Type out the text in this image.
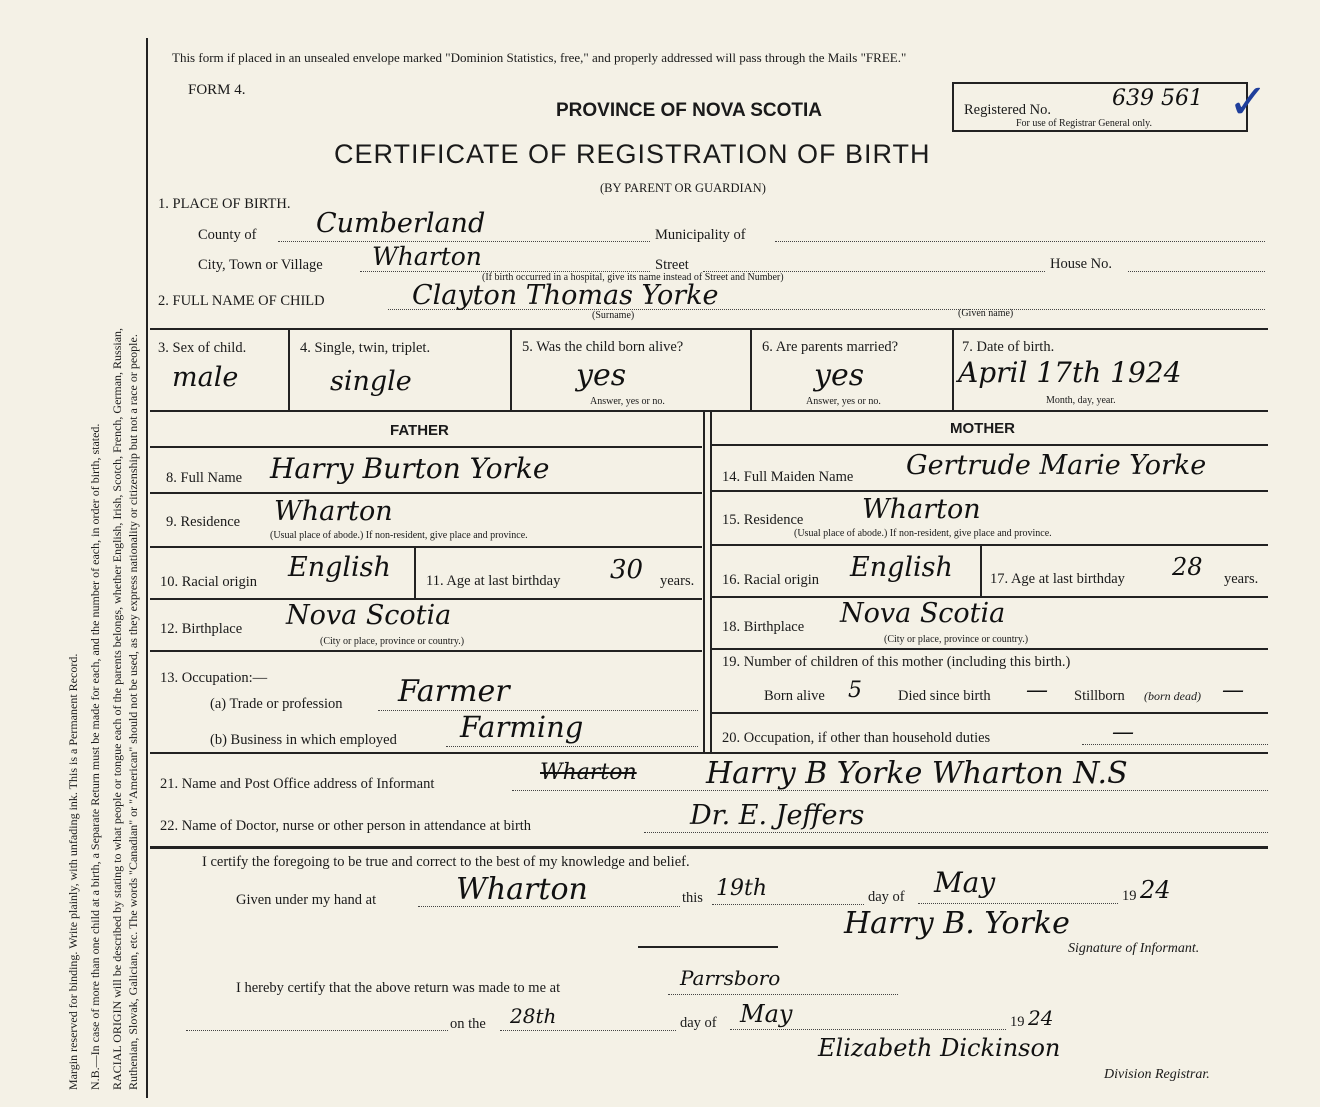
Margin reserved for binding. Write plainly, with unfading ink. This is a Permanent Record. N.B.—In case of more than one child at a birth, a Separate Return must be made for each, and the number of each, in order of birth, stated. RACIAL ORIGIN will be described by stating to what people or tongue each of the parents belongs, whether English, Irish, Scotch, French, German, Russian, Ruthenian, Slovak, Galician, etc. The words "Canadian" or "American" should not be used, as they express nationality or citizenship but not a race or people.
This form if placed in an unsealed envelope marked "Dominion Statistics, free," and properly addressed will pass through the Mails "FREE."
FORM 4.
PROVINCE OF NOVA SCOTIA
CERTIFICATE OF REGISTRATION OF BIRTH
(BY PARENT OR GUARDIAN)
Registered No.	639 561
For use of Registrar General only. ✓
1. PLACE OF BIRTH.
County of Cumberland	Municipality of
City, Town or Village Wharton	Street	House No.
(If birth occurred in a hospital, give its name instead of Street and Number)
2. FULL NAME OF CHILD	Clayton Thomas Yorke
(Surname)	(Given name)
3. Sex of child.
male
4. Single, twin, triplet.
single
5. Was the child born alive?
yes
Answer, yes or no.
6. Are parents married?
yes
Answer, yes or no.
7. Date of birth.
April 17th 1924
Month, day, year.
FATHER	MOTHER
8. Full Name Harry Burton Yorke
9. Residence Wharton
(Usual place of abode.) If non-resident, give place and province.
10. Racial origin English 11. Age at last birthday 30 years.
12. Birthplace Nova Scotia
(City or place, province or country.)
13. Occupation:—
(a) Trade or profession Farmer
(b) Business in which employed Farming
14. Full Maiden Name Gertrude Marie Yorke
15. Residence Wharton
(Usual place of abode.) If non-resident, give place and province.
16. Racial origin English	17. Age at last birthday 28 years.
18. Birthplace Nova Scotia
(City or place, province or country.)
19. Number of children of this mother (including this birth.)
Born alive 5 Died since birth — Stillborn (born dead) —
20. Occupation, if other than household duties	—
21. Name and Post Office address of Informant	Wharton Harry B Yorke Wharton N.S
22. Name of Doctor, nurse or other person in attendance at birth	Dr. E. Jeffers
I certify the foregoing to be true and correct to the best of my knowledge and belief.
Given under my hand at	Wharton	this 19th	day of May	19 24
Harry B. Yorke
Signature of Informant.
I hereby certify that the above return was made to me at	Parrsboro
on the 28th	day of May	19 24
Elizabeth Dickinson
Division Registrar.
